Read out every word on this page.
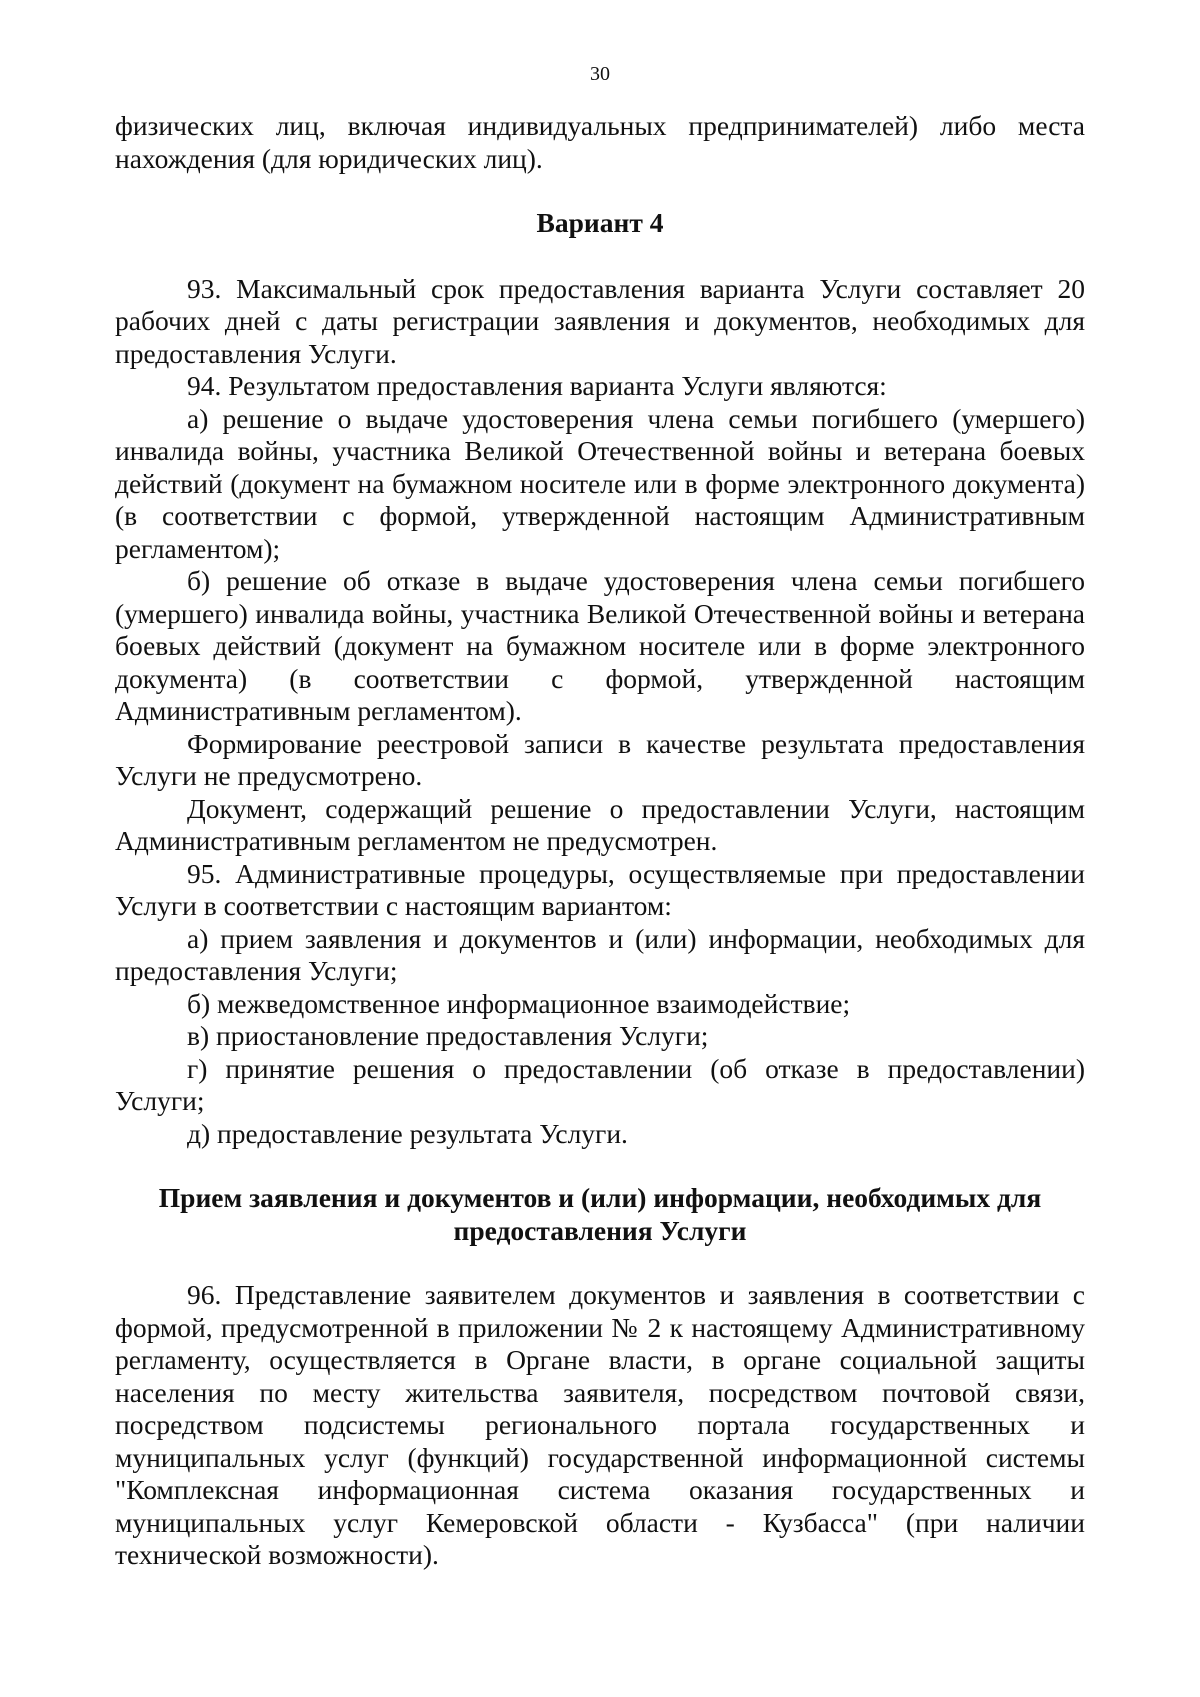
30

физических лиц, включая индивидуальных предпринимателей) либо места нахождения (для юридических лиц).

Вариант 4

93. Максимальный срок предоставления варианта Услуги составляет 20 рабочих дней с даты регистрации заявления и документов, необходимых для предоставления Услуги.

94. Результатом предоставления варианта Услуги являются:

а) решение о выдаче удостоверения члена семьи погибшего (умершего) инвалида войны, участника Великой Отечественной войны и ветерана боевых действий (документ на бумажном носителе или в форме электронного документа) (в соответствии с формой, утвержденной настоящим Административным регламентом);

б) решение об отказе в выдаче удостоверения члена семьи погибшего (умершего) инвалида войны, участника Великой Отечественной войны и ветерана боевых действий (документ на бумажном носителе или в форме электронного документа) (в соответствии с формой, утвержденной настоящим Административным регламентом).

Формирование реестровой записи в качестве результата предоставления Услуги не предусмотрено.

Документ, содержащий решение о предоставлении Услуги, настоящим Административным регламентом не предусмотрен.

95. Административные процедуры, осуществляемые при предоставлении Услуги в соответствии с настоящим вариантом:

а) прием заявления и документов и (или) информации, необходимых для предоставления Услуги;

б) межведомственное информационное взаимодействие;

в) приостановление предоставления Услуги;

г) принятие решения о предоставлении (об отказе в предоставлении) Услуги;

д) предоставление результата Услуги.

Прием заявления и документов и (или) информации, необходимых для
предоставления Услуги

96. Представление заявителем документов и заявления в соответствии с формой, предусмотренной в приложении № 2 к настоящему Административному регламенту, осуществляется в Органе власти, в органе социальной защиты населения по месту жительства заявителя, посредством почтовой связи, посредством подсистемы регионального портала государственных и муниципальных услуг (функций) государственной информационной системы "Комплексная информационная система оказания государственных и муниципальных услуг Кемеровской области - Кузбасса" (при наличии технической возможности).
